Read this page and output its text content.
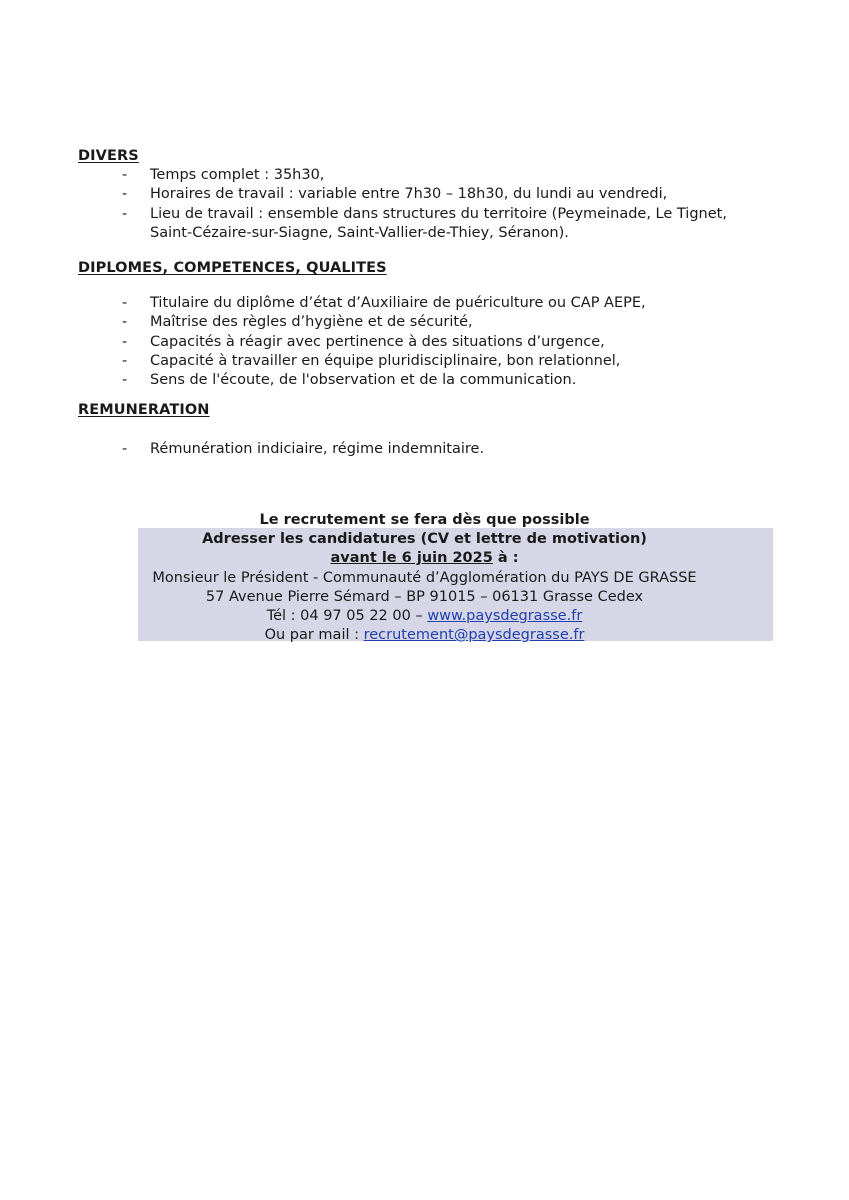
DIVERS
- Temps complet : 35h30,
- Horaires de travail : variable entre 7h30 – 18h30, du lundi au vendredi,
- Lieu de travail : ensemble dans structures du territoire (Peymeinade, Le Tignet,
Saint-Cézaire-sur-Siagne, Saint-Vallier-de-Thiey, Séranon).
DIPLOMES, COMPETENCES, QUALITES
- Titulaire du diplôme d’état d’Auxiliaire de puériculture ou CAP AEPE,
- Maîtrise des règles d’hygiène et de sécurité,
- Capacités à réagir avec pertinence à des situations d’urgence,
- Capacité à travailler en équipe pluridisciplinaire, bon relationnel,
- Sens de l'écoute, de l'observation et de la communication.
REMUNERATION
- Rémunération indiciaire, régime indemnitaire.
Le recrutement se fera dès que possible
Adresser les candidatures (CV et lettre de motivation)
avant le 6 juin 2025 à :
Monsieur le Président - Communauté d’Agglomération du PAYS DE GRASSE
57 Avenue Pierre Sémard – BP 91015 – 06131 Grasse Cedex
Tél : 04 97 05 22 00 – www.paysdegrasse.fr
Ou par mail : recrutement@paysdegrasse.fr
